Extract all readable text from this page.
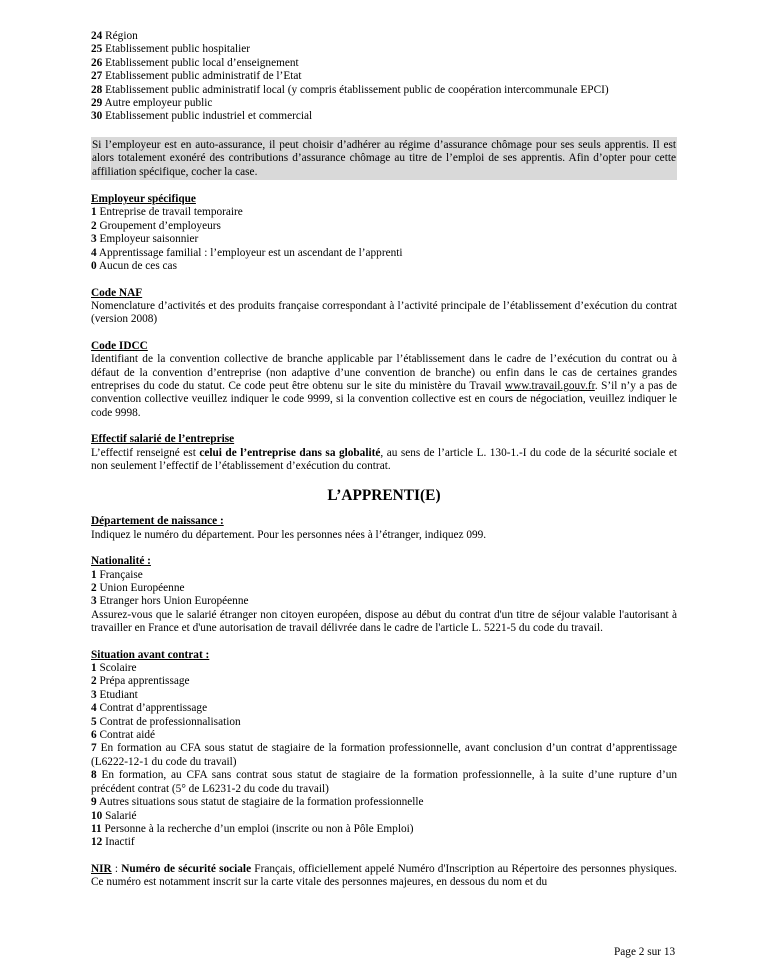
24 Région
25 Etablissement public hospitalier
26 Etablissement public local d’enseignement
27 Etablissement public administratif de l’Etat
28 Etablissement public administratif local (y compris établissement public de coopération intercommunale EPCI)
29 Autre employeur public
30 Etablissement public industriel et commercial

Si l’employeur est en auto-assurance, il peut choisir d’adhérer au régime d’assurance chômage pour ses seuls apprentis. Il est alors totalement exonéré des contributions d’assurance chômage au titre de l’emploi de ses apprentis. Afin d’opter pour cette affiliation spécifique, cocher la case.

Employeur spécifique
1 Entreprise de travail temporaire
2 Groupement d’employeurs
3 Employeur saisonnier
4 Apprentissage familial : l’employeur est un ascendant de l’apprenti
0 Aucun de ces cas
Code NAF
Nomenclature d’activités et des produits française correspondant à l’activité principale de l’établissement d’exécution du contrat (version 2008)
Code IDCC
Identifiant de la convention collective de branche applicable par l’établissement dans le cadre de l’exécution du contrat ou à défaut de la convention d’entreprise (non adaptive d’une convention de branche) ou enfin dans le cas de certaines grandes entreprises du code du statut. Ce code peut être obtenu sur le site du ministère du Travail www.travail.gouv.fr. S’il n’y a pas de convention collective veuillez indiquer le code 9999, si la convention collective est en cours de négociation, veuillez indiquer le code 9998.
Effectif salarié de l’entreprise
L’effectif renseigné est celui de l’entreprise dans sa globalité, au sens de l’article L. 130-1.-I du code de la sécurité sociale et non seulement l’effectif de l’établissement d’exécution du contrat.
L’APPRENTI(E)
Département de naissance :
Indiquez le numéro du département. Pour les personnes nées à l’étranger, indiquez 099.
Nationalité :
1 Française
2 Union Européenne
3 Etranger hors Union Européenne
Assurez-vous que le salarié étranger non citoyen européen, dispose au début du contrat d'un titre de séjour valable l'autorisant à travailler en France et d'une autorisation de travail délivrée dans le cadre de l'article L. 5221-5 du code du travail.
Situation avant contrat :
1 Scolaire
2 Prépa apprentissage
3 Etudiant
4 Contrat d’apprentissage
5 Contrat de professionnalisation
6 Contrat aidé
7 En formation au CFA sous statut de stagiaire de la formation professionnelle, avant conclusion d’un contrat d’apprentissage (L6222-12-1 du code du travail)
8 En formation, au CFA sans contrat sous statut de stagiaire de la formation professionnelle, à la suite d’une rupture d’un précédent contrat (5° de L6231-2 du code du travail)
9 Autres situations sous statut de stagiaire de la formation professionnelle
10 Salarié
11 Personne à la recherche d’un emploi (inscrite ou non à Pôle Emploi)
12 Inactif
NIR : Numéro de sécurité sociale Français, officiellement appelé Numéro d'Inscription au Répertoire des personnes physiques. Ce numéro est notamment inscrit sur la carte vitale des personnes majeures, en dessous du nom et du
Page 2 sur 13
